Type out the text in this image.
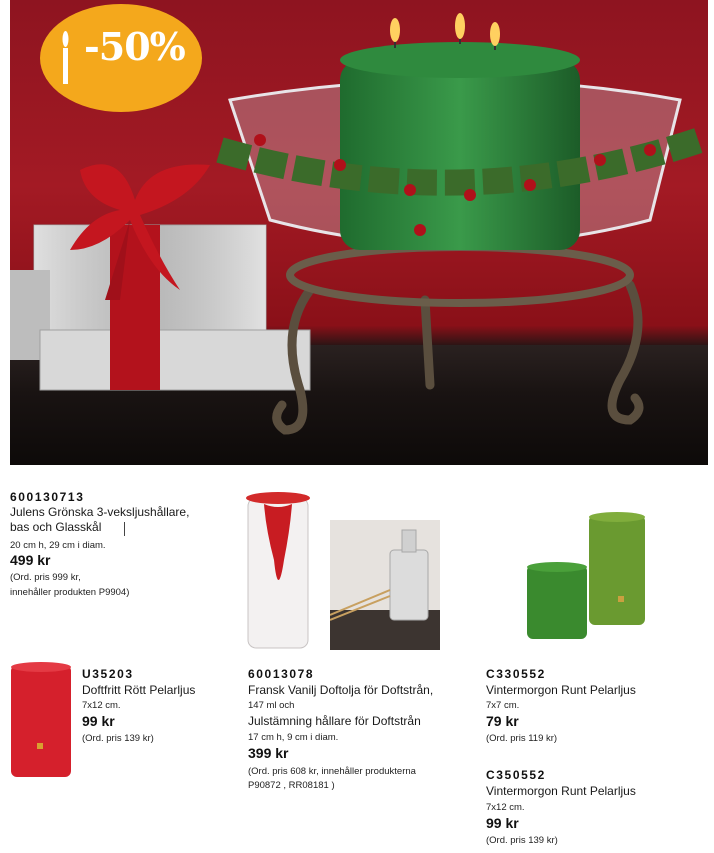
-50%
600130713
Julens Grönska 3-veksljushållare,
bas och Glasskål
20 cm h, 29 cm i diam.
499 kr
(Ord. pris 999 kr,
innehåller produkten P9904)
U35203
Doftfritt Rött Pelarljus
7x12 cm.
99 kr
(Ord. pris 139 kr)
60013078
Fransk Vanilj Doftolja för Doftstrån,
147 ml och
Julstämning hållare för Doftstrån
17 cm h, 9 cm i diam.
399 kr
(Ord. pris 608 kr, innehåller produkterna
P90872 , RR08181 )
C330552
Vintermorgon Runt Pelarljus
7x7 cm.
79 kr
(Ord. pris 119 kr)
C350552
Vintermorgon Runt Pelarljus
7x12 cm.
99 kr
(Ord. pris 139 kr)
